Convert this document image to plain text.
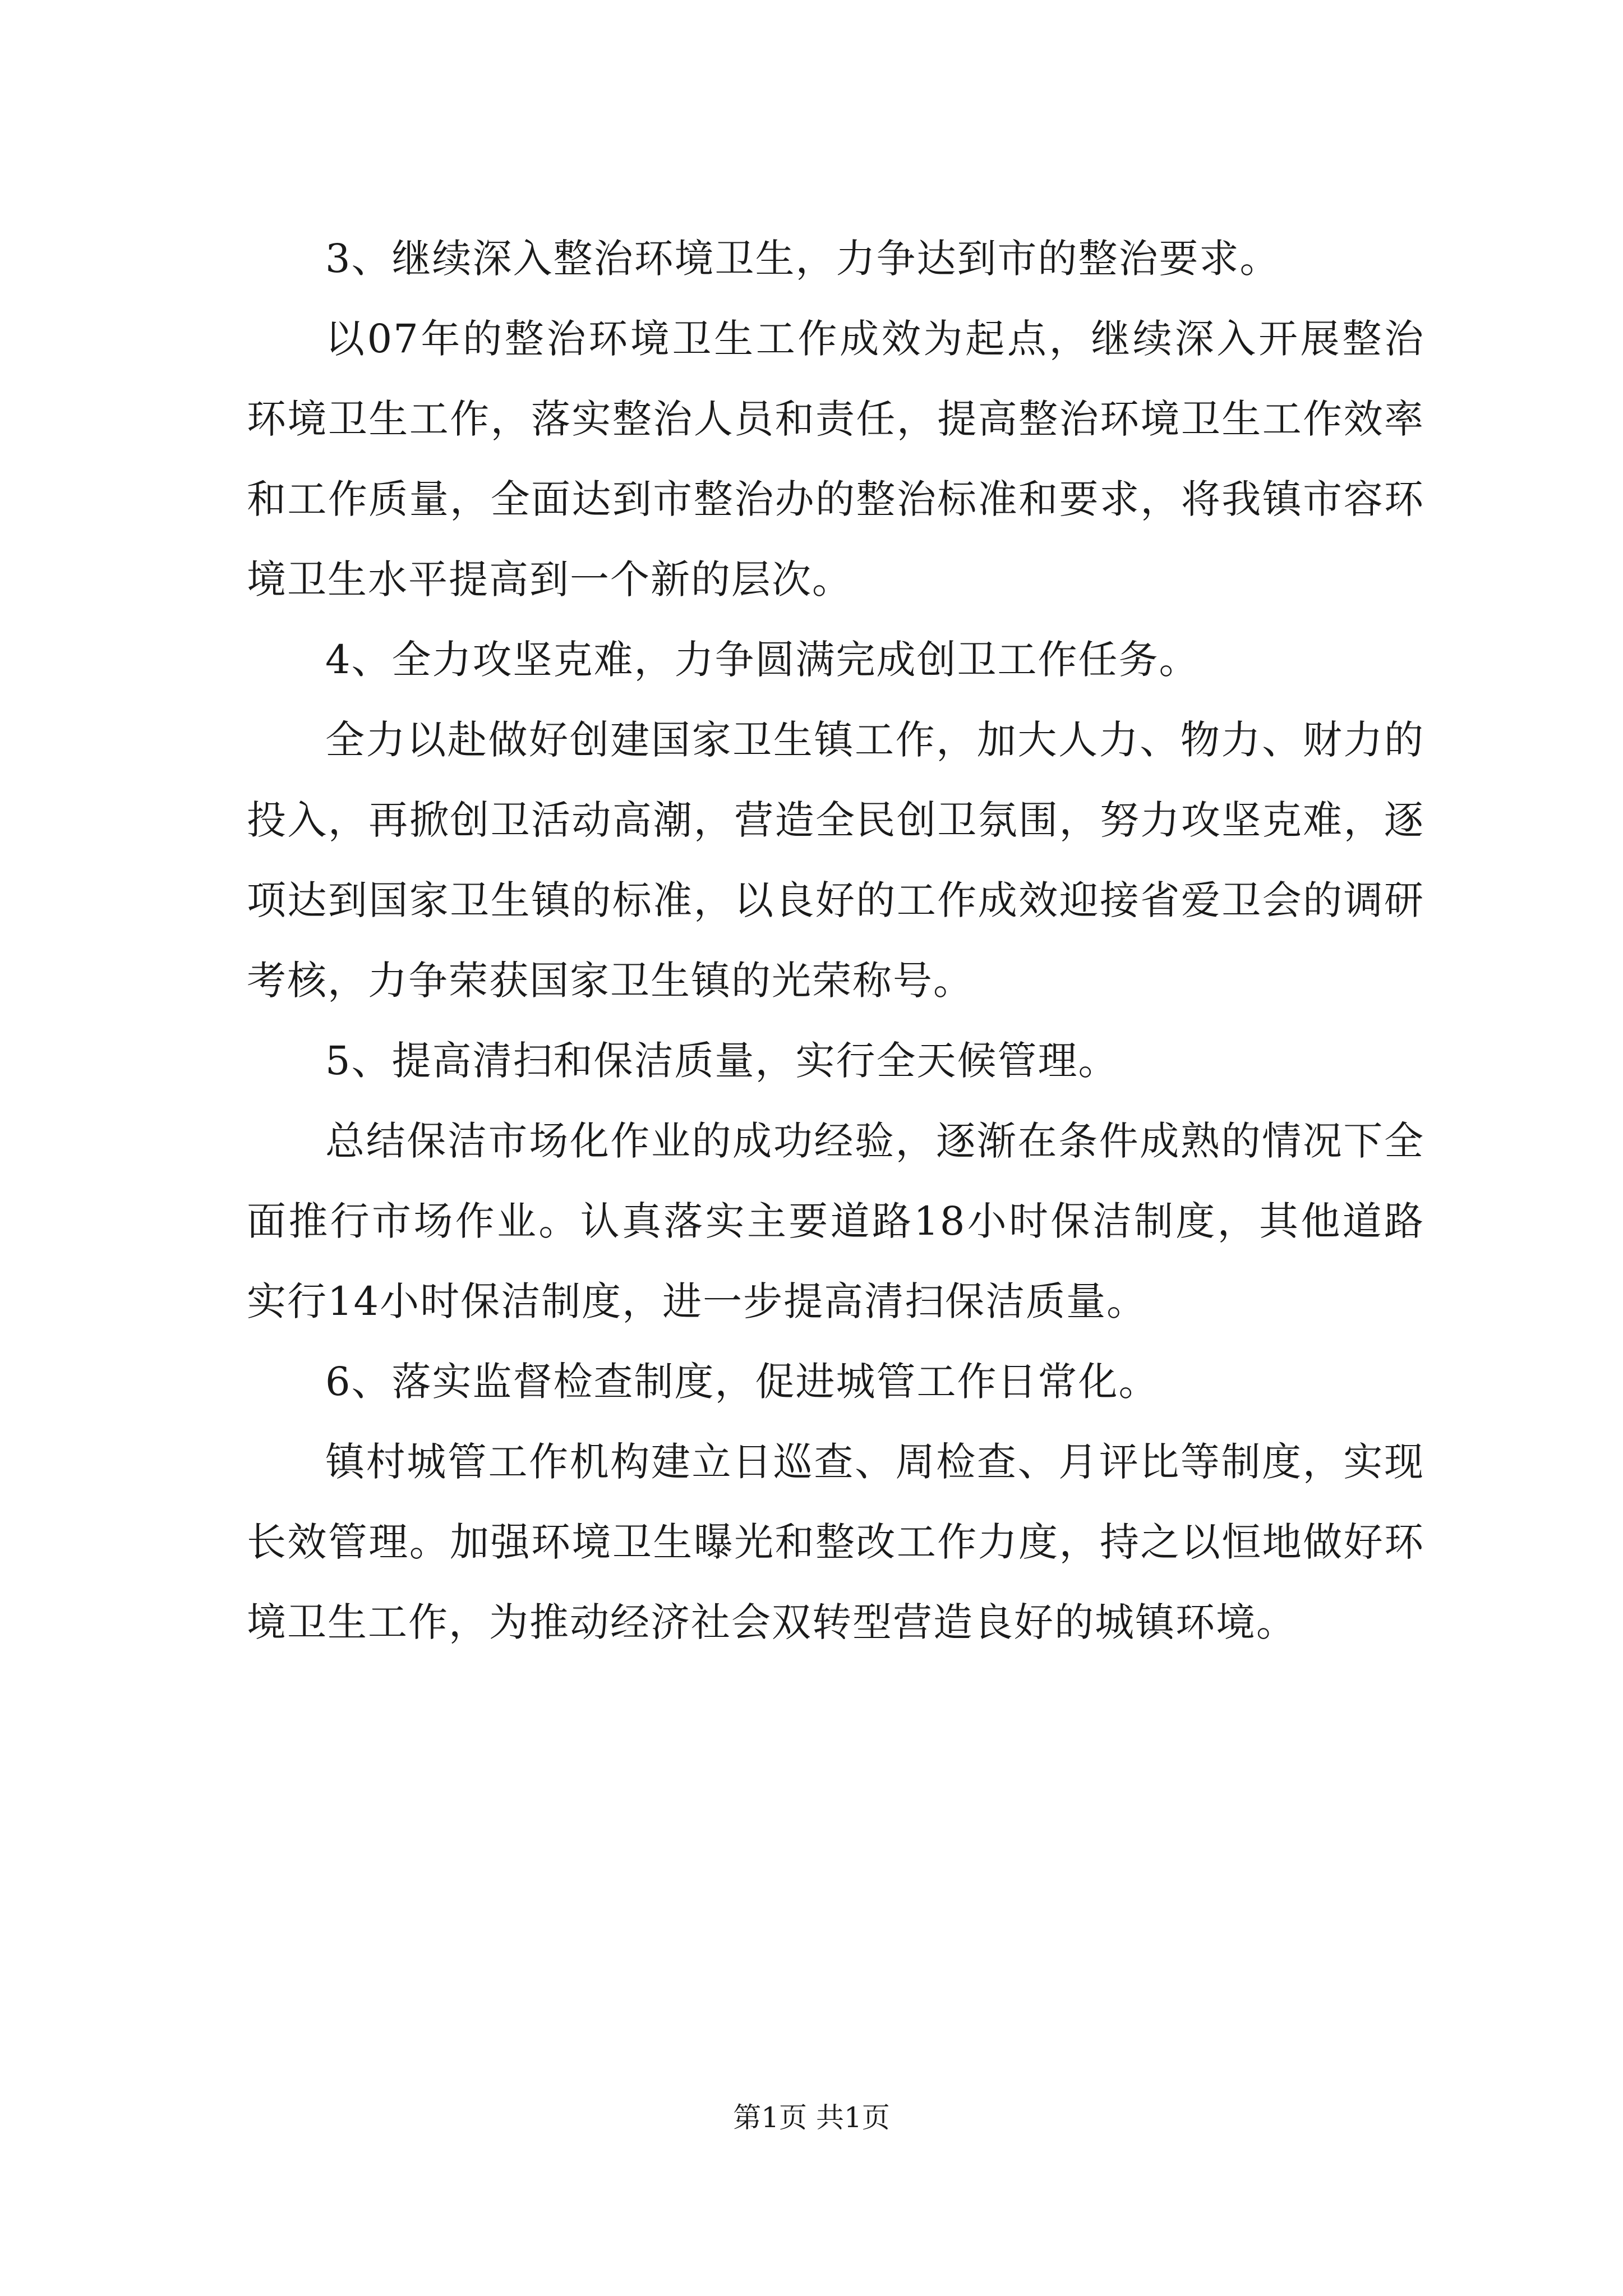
3、继续深入整治环境卫生，力争达到市的整治要求。

以07年的整治环境卫生工作成效为起点，继续深入开展整治环境卫生工作，落实整治人员和责任，提高整治环境卫生工作效率和工作质量，全面达到市整治办的整治标准和要求，将我镇市容环境卫生水平提高到一个新的层次。

4、全力攻坚克难，力争圆满完成创卫工作任务。

全力以赴做好创建国家卫生镇工作，加大人力、物力、财力的投入，再掀创卫活动高潮，营造全民创卫氛围，努力攻坚克难，逐项达到国家卫生镇的标准，以良好的工作成效迎接省爱卫会的调研考核，力争荣获国家卫生镇的光荣称号。

5、提高清扫和保洁质量，实行全天候管理。

总结保洁市场化作业的成功经验，逐渐在条件成熟的情况下全面推行市场作业。认真落实主要道路18小时保洁制度，其他道路实行14小时保洁制度，进一步提高清扫保洁质量。

6、落实监督检查制度，促进城管工作日常化。

镇村城管工作机构建立日巡查、周检查、月评比等制度，实现长效管理。加强环境卫生曝光和整改工作力度，持之以恒地做好环境卫生工作，为推动经济社会双转型营造良好的城镇环境。

第1页 共1页
